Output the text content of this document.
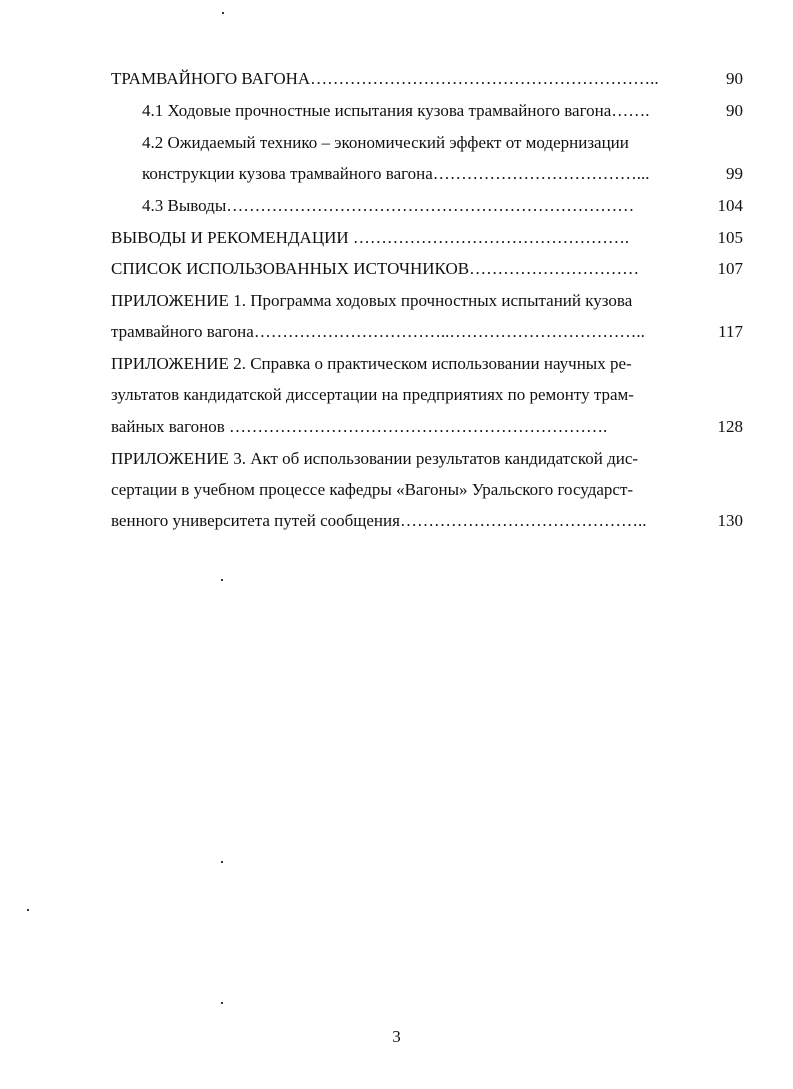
ТРАМВАЙНОГО ВАГОНА……………………………………………………..	90
4.1 Ходовые прочностные испытания кузова трамвайного вагона…….	90
4.2 Ожидаемый технико – экономический эффект от модернизации
конструкции кузова трамвайного вагона………………………………...	99
4.3 Выводы………………………………………………………………	104
ВЫВОДЫ И РЕКОМЕНДАЦИИ ………………………………………….	105
СПИСОК ИСПОЛЬЗОВАННЫХ ИСТОЧНИКОВ…………………………	107
ПРИЛОЖЕНИЕ 1. Программа ходовых прочностных испытаний кузова
трамвайного вагона……………………………..……………………………..	117
ПРИЛОЖЕНИЕ 2. Справка о практическом использовании научных ре-
зультатов кандидатской диссертации на предприятиях по ремонту трам-
вайных вагонов ………………………………………………………….	128
ПРИЛОЖЕНИЕ 3. Акт об использовании результатов кандидатской дис-
сертации в учебном процессе кафедры «Вагоны» Уральского государст-
венного университета путей сообщения……………………………………..	130
3
